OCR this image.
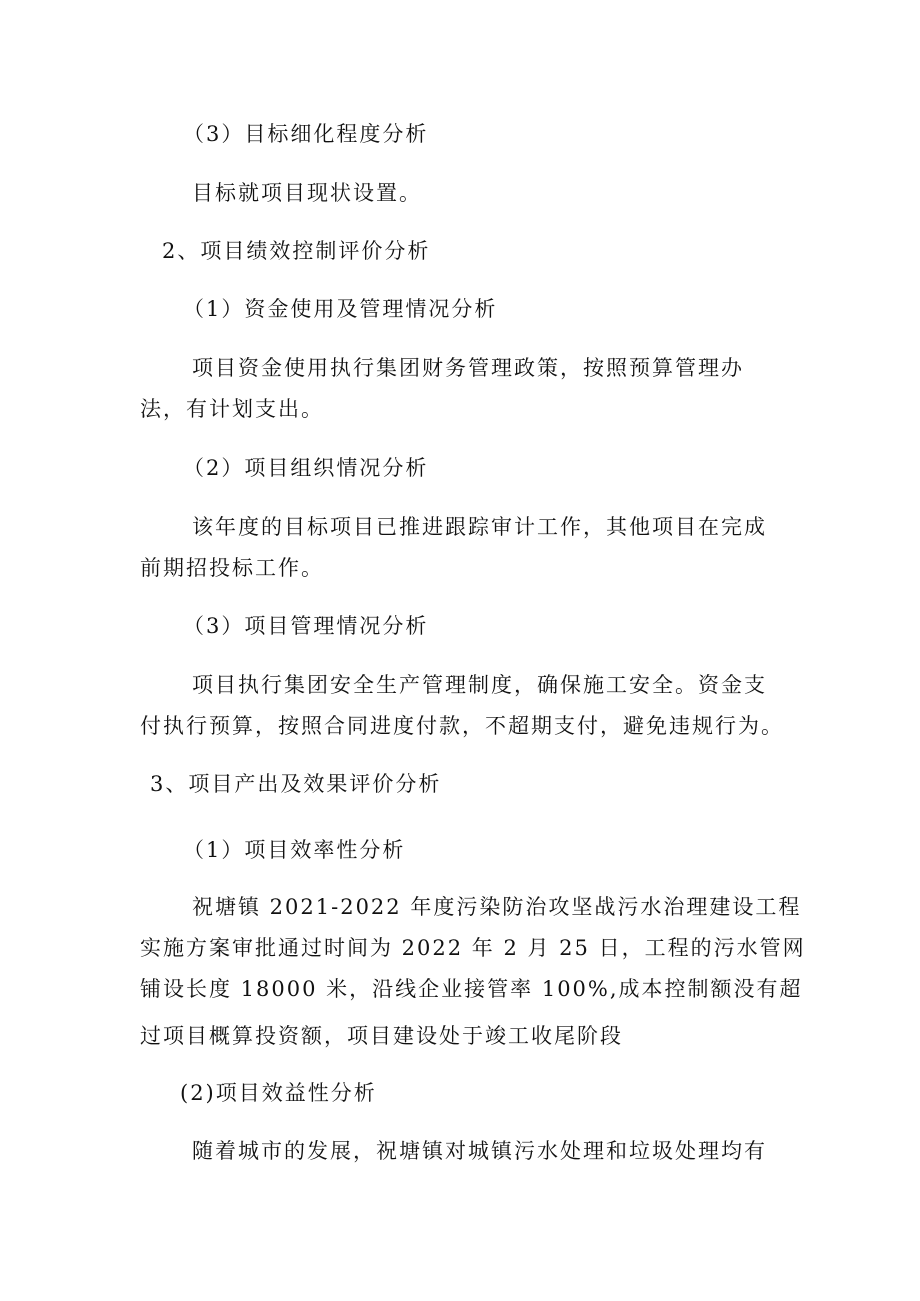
（3）目标细化程度分析
目标就项目现状设置。
2、项目绩效控制评价分析
（1）资金使用及管理情况分析
项目资金使用执行集团财务管理政策，按照预算管理办
法，有计划支出。
（2）项目组织情况分析
该年度的目标项目已推进跟踪审计工作，其他项目在完成
前期招投标工作。
（3）项目管理情况分析
项目执行集团安全生产管理制度，确保施工安全。资金支
付执行预算，按照合同进度付款，不超期支付，避免违规行为。
3、项目产出及效果评价分析
（1）项目效率性分析
祝塘镇 2021-2022 年度污染防治攻坚战污水治理建设工程
实施方案审批通过时间为 2022 年 2 月 25 日，工程的污水管网
铺设长度 18000 米，沿线企业接管率 100%,成本控制额没有超
过项目概算投资额，项目建设处于竣工收尾阶段
(2)项目效益性分析
随着城市的发展，祝塘镇对城镇污水处理和垃圾处理均有
